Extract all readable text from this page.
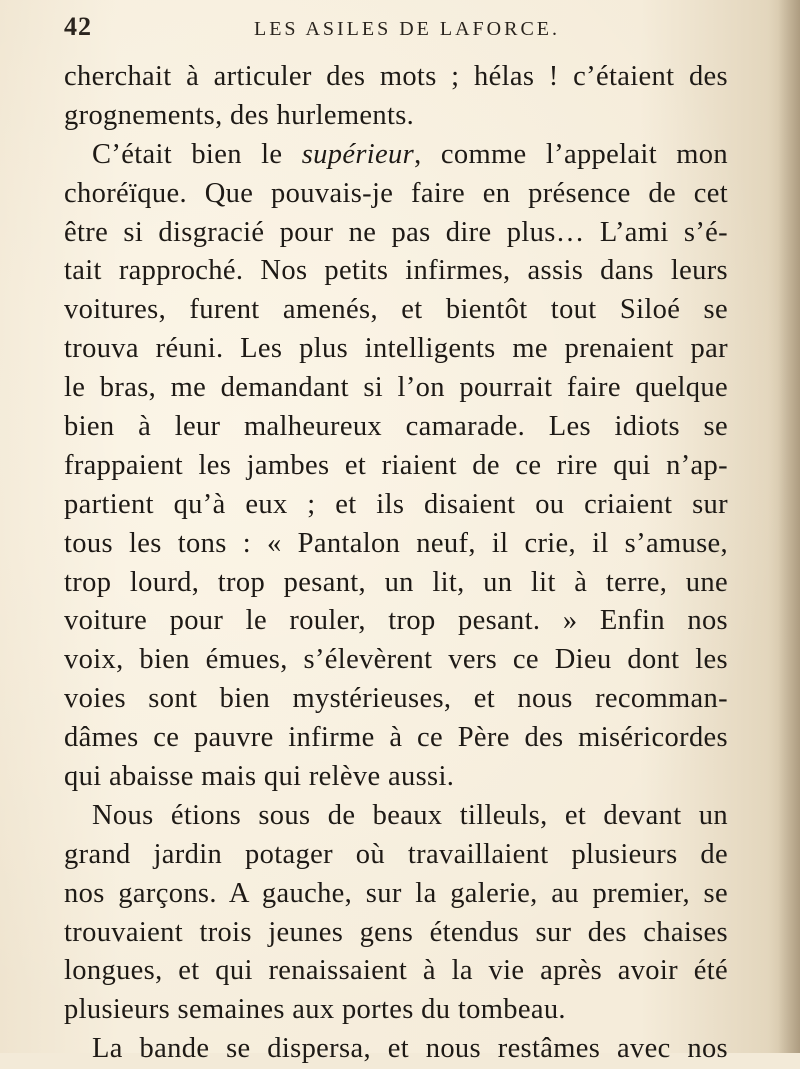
42	LES ASILES DE LAFORCE.
cherchait à articuler des mots ; hélas ! c’étaient des
grognements, des hurlements.
C’était bien le supérieur, comme l’appelait mon
choréïque. Que pouvais-je faire en présence de cet
être si disgracié pour ne pas dire plus… L’ami s’é-
tait rapproché. Nos petits infirmes, assis dans leurs
voitures, furent amenés, et bientôt tout Siloé se
trouva réuni. Les plus intelligents me prenaient par
le bras, me demandant si l’on pourrait faire quelque
bien à leur malheureux camarade. Les idiots se
frappaient les jambes et riaient de ce rire qui n’ap-
partient qu’à eux ; et ils disaient ou criaient sur
tous les tons : « Pantalon neuf, il crie, il s’amuse,
trop lourd, trop pesant, un lit, un lit à terre, une
voiture pour le rouler, trop pesant. » Enfin nos
voix, bien émues, s’élevèrent vers ce Dieu dont les
voies sont bien mystérieuses, et nous recomman-
dâmes ce pauvre infirme à ce Père des miséricordes
qui abaisse mais qui relève aussi.
Nous étions sous de beaux tilleuls, et devant un
grand jardin potager où travaillaient plusieurs de
nos garçons. A gauche, sur la galerie, au premier, se
trouvaient trois jeunes gens étendus sur des chaises
longues, et qui renaissaient à la vie après avoir été
plusieurs semaines aux portes du tombeau.
La bande se dispersa, et nous restâmes avec nos
